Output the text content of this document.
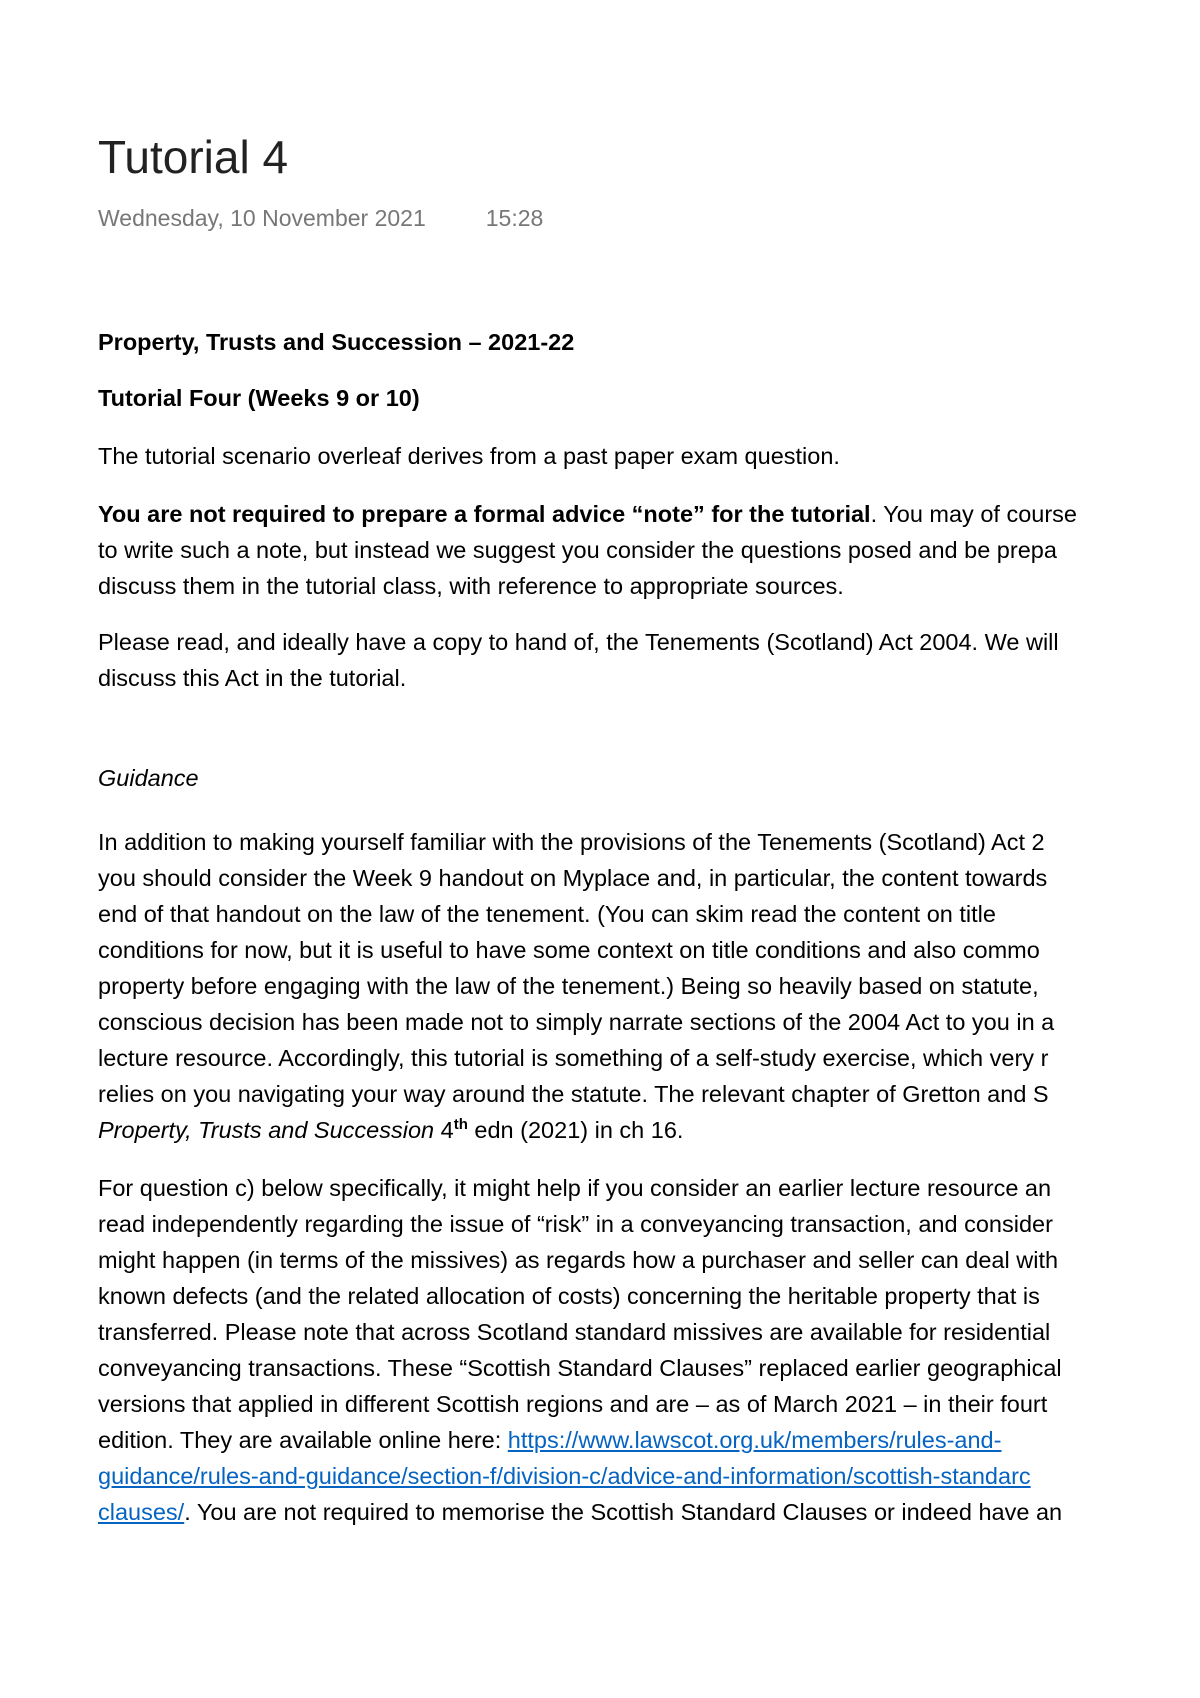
Tutorial 4
Wednesday, 10 November 2021	15:28
Property, Trusts and Succession – 2021-22
Tutorial Four (Weeks 9 or 10)
The tutorial scenario overleaf derives from a past paper exam question.
You are not required to prepare a formal advice “note” for the tutorial. You may of course
to write such a note, but instead we suggest you consider the questions posed and be prepa
discuss them in the tutorial class, with reference to appropriate sources.
Please read, and ideally have a copy to hand of, the Tenements (Scotland) Act 2004. We will
discuss this Act in the tutorial.
Guidance
In addition to making yourself familiar with the provisions of the Tenements (Scotland) Act 2
you should consider the Week 9 handout on Myplace and, in particular, the content towards
end of that handout on the law of the tenement. (You can skim read the content on title
conditions for now, but it is useful to have some context on title conditions and also commo
property before engaging with the law of the tenement.) Being so heavily based on statute,
conscious decision has been made not to simply narrate sections of the 2004 Act to you in a
lecture resource. Accordingly, this tutorial is something of a self-study exercise, which very r
relies on you navigating your way around the statute. The relevant chapter of Gretton and S
Property, Trusts and Succession 4th edn (2021) in ch 16.
For question c) below specifically, it might help if you consider an earlier lecture resource an
read independently regarding the issue of “risk” in a conveyancing transaction, and consider
might happen (in terms of the missives) as regards how a purchaser and seller can deal with
known defects (and the related allocation of costs) concerning the heritable property that is
transferred. Please note that across Scotland standard missives are available for residential
conveyancing transactions. These “Scottish Standard Clauses” replaced earlier geographical
versions that applied in different Scottish regions and are – as of March 2021 – in their fourt
edition. They are available online here: https://www.lawscot.org.uk/members/rules-and-
guidance/rules-and-guidance/section-f/division-c/advice-and-information/scottish-standarc
clauses/. You are not required to memorise the Scottish Standard Clauses or indeed have an
